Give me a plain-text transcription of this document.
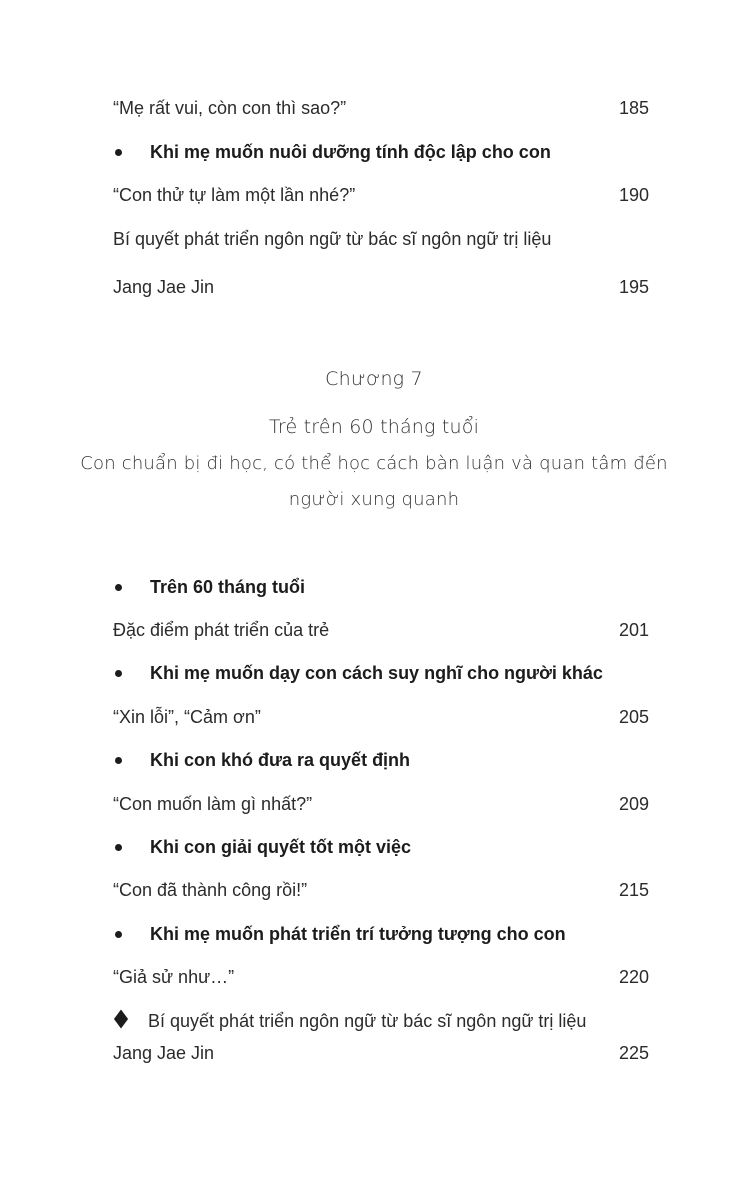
“Mẹ rất vui, còn con thì sao?”	185
Khi mẹ muốn nuôi dưỡng tính độc lập cho con
“Con thử tự làm một lần nhé?”	190
Bí quyết phát triển ngôn ngữ từ bác sĩ ngôn ngữ trị liệu
Jang Jae Jin	195
Chương 7
Trẻ trên 60 tháng tuổi
Con chuẩn bị đi học, có thể học cách bàn luận và quan tâm đến
người xung quanh
Trên 60 tháng tuổi
Đặc điểm phát triển của trẻ	201
Khi mẹ muốn dạy con cách suy nghĩ cho người khác
“Xin lỗi”, “Cảm ơn”	205
Khi con khó đưa ra quyết định
“Con muốn làm gì nhất?”	209
Khi con giải quyết tốt một việc
“Con đã thành công rồi!”	215
Khi mẹ muốn phát triển trí tưởng tượng cho con
“Giả sử như…”	220
Bí quyết phát triển ngôn ngữ từ bác sĩ ngôn ngữ trị liệu
Jang Jae Jin	225
